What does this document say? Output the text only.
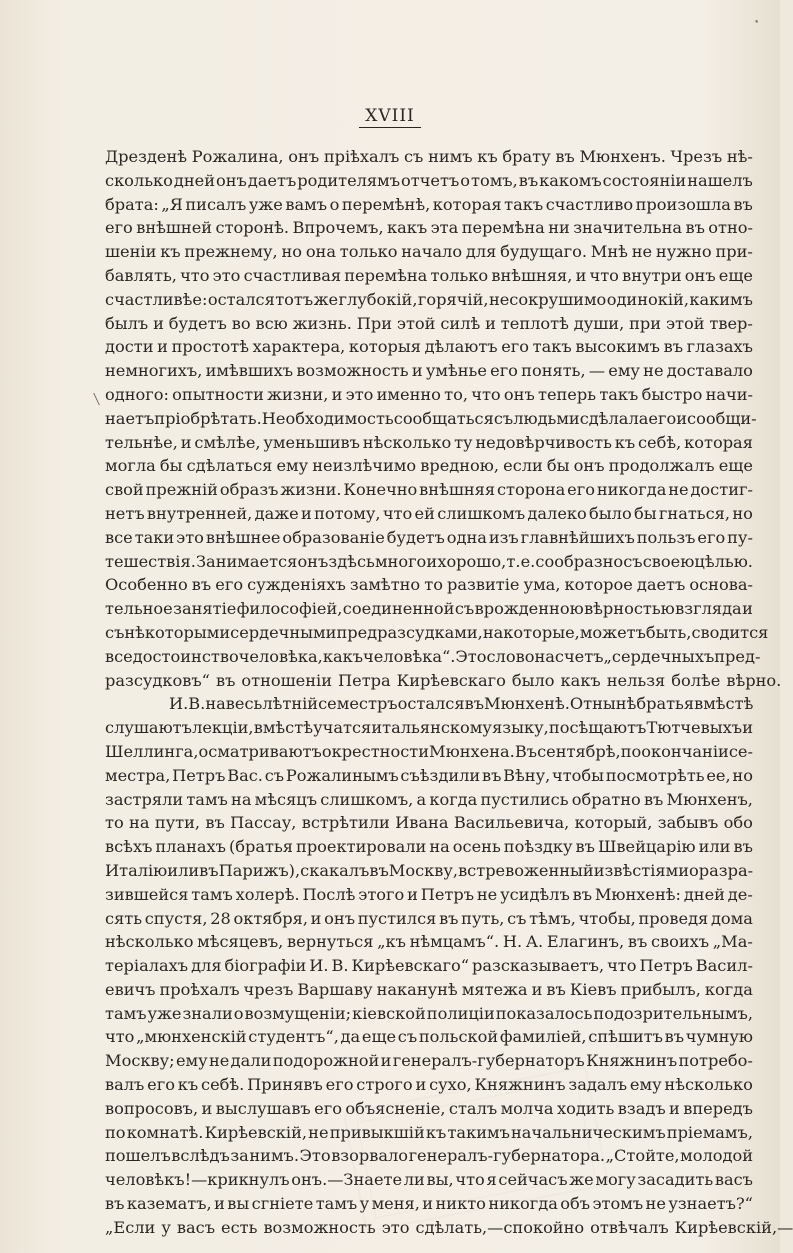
•
XVIII
Дрезденѣ Рожалина, онъ пріѣхалъ съ нимъ къ брату въ Мюнхенъ. Чрезъ нѣ-
сколько дней онъ даетъ родителямъ отчетъ о томъ, въ какомъ состояніи нашелъ
брата: „Я писалъ уже вамъ о перемѣнѣ, которая такъ счастливо произошла въ
его внѣшней сторонѣ. Впрочемъ, какъ эта перемѣна ни значительна въ отно-
шеніи къ прежнему, но она только начало для будущаго. Мнѣ не нужно при-
бавлять, что это счастливая перемѣна только внѣшняя, и что внутри онъ еще
счастливѣе: остался тотъ же глубокій, горячій, несокрушимо одинокій, какимъ
былъ и будетъ во всю жизнь. При этой силѣ и теплотѣ души, при этой твер-
дости и простотѣ характера, которыя дѣлаютъ его такъ высокимъ въ глазахъ
немногихъ, имѣвшихъ возможность и умѣнье его понять, — ему не доставало
одного: опытности жизни, и это именно то, что онъ теперь такъ быстро начи-
наетъ пріобрѣтать. Необходимость сообщаться съ людьми сдѣлала его и сообщи-
тельнѣе, и смѣлѣе, уменьшивъ нѣсколько ту недовѣрчивость къ себѣ, которая
могла бы сдѣлаться ему неизлѣчимо вредною, если бы онъ продолжалъ еще
свой прежній образъ жизни. Конечно внѣшняя сторона его никогда не достиг-
нетъ внутренней, даже и потому, что ей слишкомъ далеко было бы гнаться, но
все таки это внѣшнее образованіе будетъ одна изъ главнѣйшихъ пользъ его пу-
тешествія. Занимается онъ здѣсь много и хорошо, т. е. сообразно съ своею цѣлью.
Особенно въ его сужденіяхъ замѣтно то развитіе ума, которое даетъ основа-
тельное занятіе философіей, соединенной съ врожденною вѣрностью взгляда и
съ нѣкоторыми сердечными предразсудками, на которые, можетъ быть, сводится
все достоинство человѣка, какъ человѣка“. Это слово насчетъ „сердечныхъ пред-
разсудковъ“ въ отношеніи Петра Кирѣевскаго было какъ нельзя болѣе вѣрно.
И. В. на весь лѣтній семестръ остался въ Мюнхенѣ. Отнынѣ братья вмѣстѣ
слушаютъ лекціи, вмѣстѣ учатся итальянскому языку, посѣщаютъ Тютчевыхъ и
Шеллинга, осматриваютъ окрестности Мюнхена. Въ сентябрѣ, по окончаніи се-
местра, Петръ Вас. съ Рожалинымъ съѣздили въ Вѣну, чтобы посмотрѣть ее, но
застряли тамъ на мѣсяцъ слишкомъ, а когда пустились обратно въ Мюнхенъ,
то на пути, въ Пассау, встрѣтили Ивана Васильевича, который, забывъ обо
всѣхъ планахъ (братья проектировали на осень поѣздку въ Швейцарію или въ
Италію или въ Парижъ), скакалъ въ Москву, встревоженный извѣстіями о разра-
зившейся тамъ холерѣ. Послѣ этого и Петръ не усидѣлъ въ Мюнхенѣ: дней де-
сять спустя, 28 октября, и онъ пустился въ путь, съ тѣмъ, чтобы, проведя дома
нѣсколько мѣсяцевъ, вернуться „къ нѣмцамъ“. Н. А. Елагинъ, въ своихъ „Ма-
теріалахъ для біографіи И. В. Кирѣевскаго“ разсказываетъ, что Петръ Васил-
евичъ проѣхалъ чрезъ Варшаву наканунѣ мятежа и въ Кіевъ прибылъ, когда
тамъ уже знали о возмущеніи; кіевской полиціи показалось подозрительнымъ,
что „мюнхенскій студентъ“, да еще съ польской фамиліей, спѣшитъ въ чумную
Москву; ему не дали подорожной и генералъ-губернаторъ Княжнинъ потребо-
валъ его къ себѣ. Принявъ его строго и сухо, Княжнинъ задалъ ему нѣсколько
вопросовъ, и выслушавъ его объясненіе, сталъ молча ходить взадъ и впередъ
по комнатѣ. Кирѣевскій, не привыкшій къ такимъ начальническимъ пріемамъ,
пошелъ вслѣдъ за нимъ. Это взорвало генералъ-губернатора. „Стойте, молодой
человѣкъ!—крикнулъ онъ.—Знаете ли вы, что я сейчасъ же могу засадить васъ
въ казематъ, и вы сгніете тамъ у меня, и никто никогда объ этомъ не узнаетъ?“
„Если у васъ есть возможность это сдѣлать,—спокойно отвѣчалъ Кирѣевскій,—
